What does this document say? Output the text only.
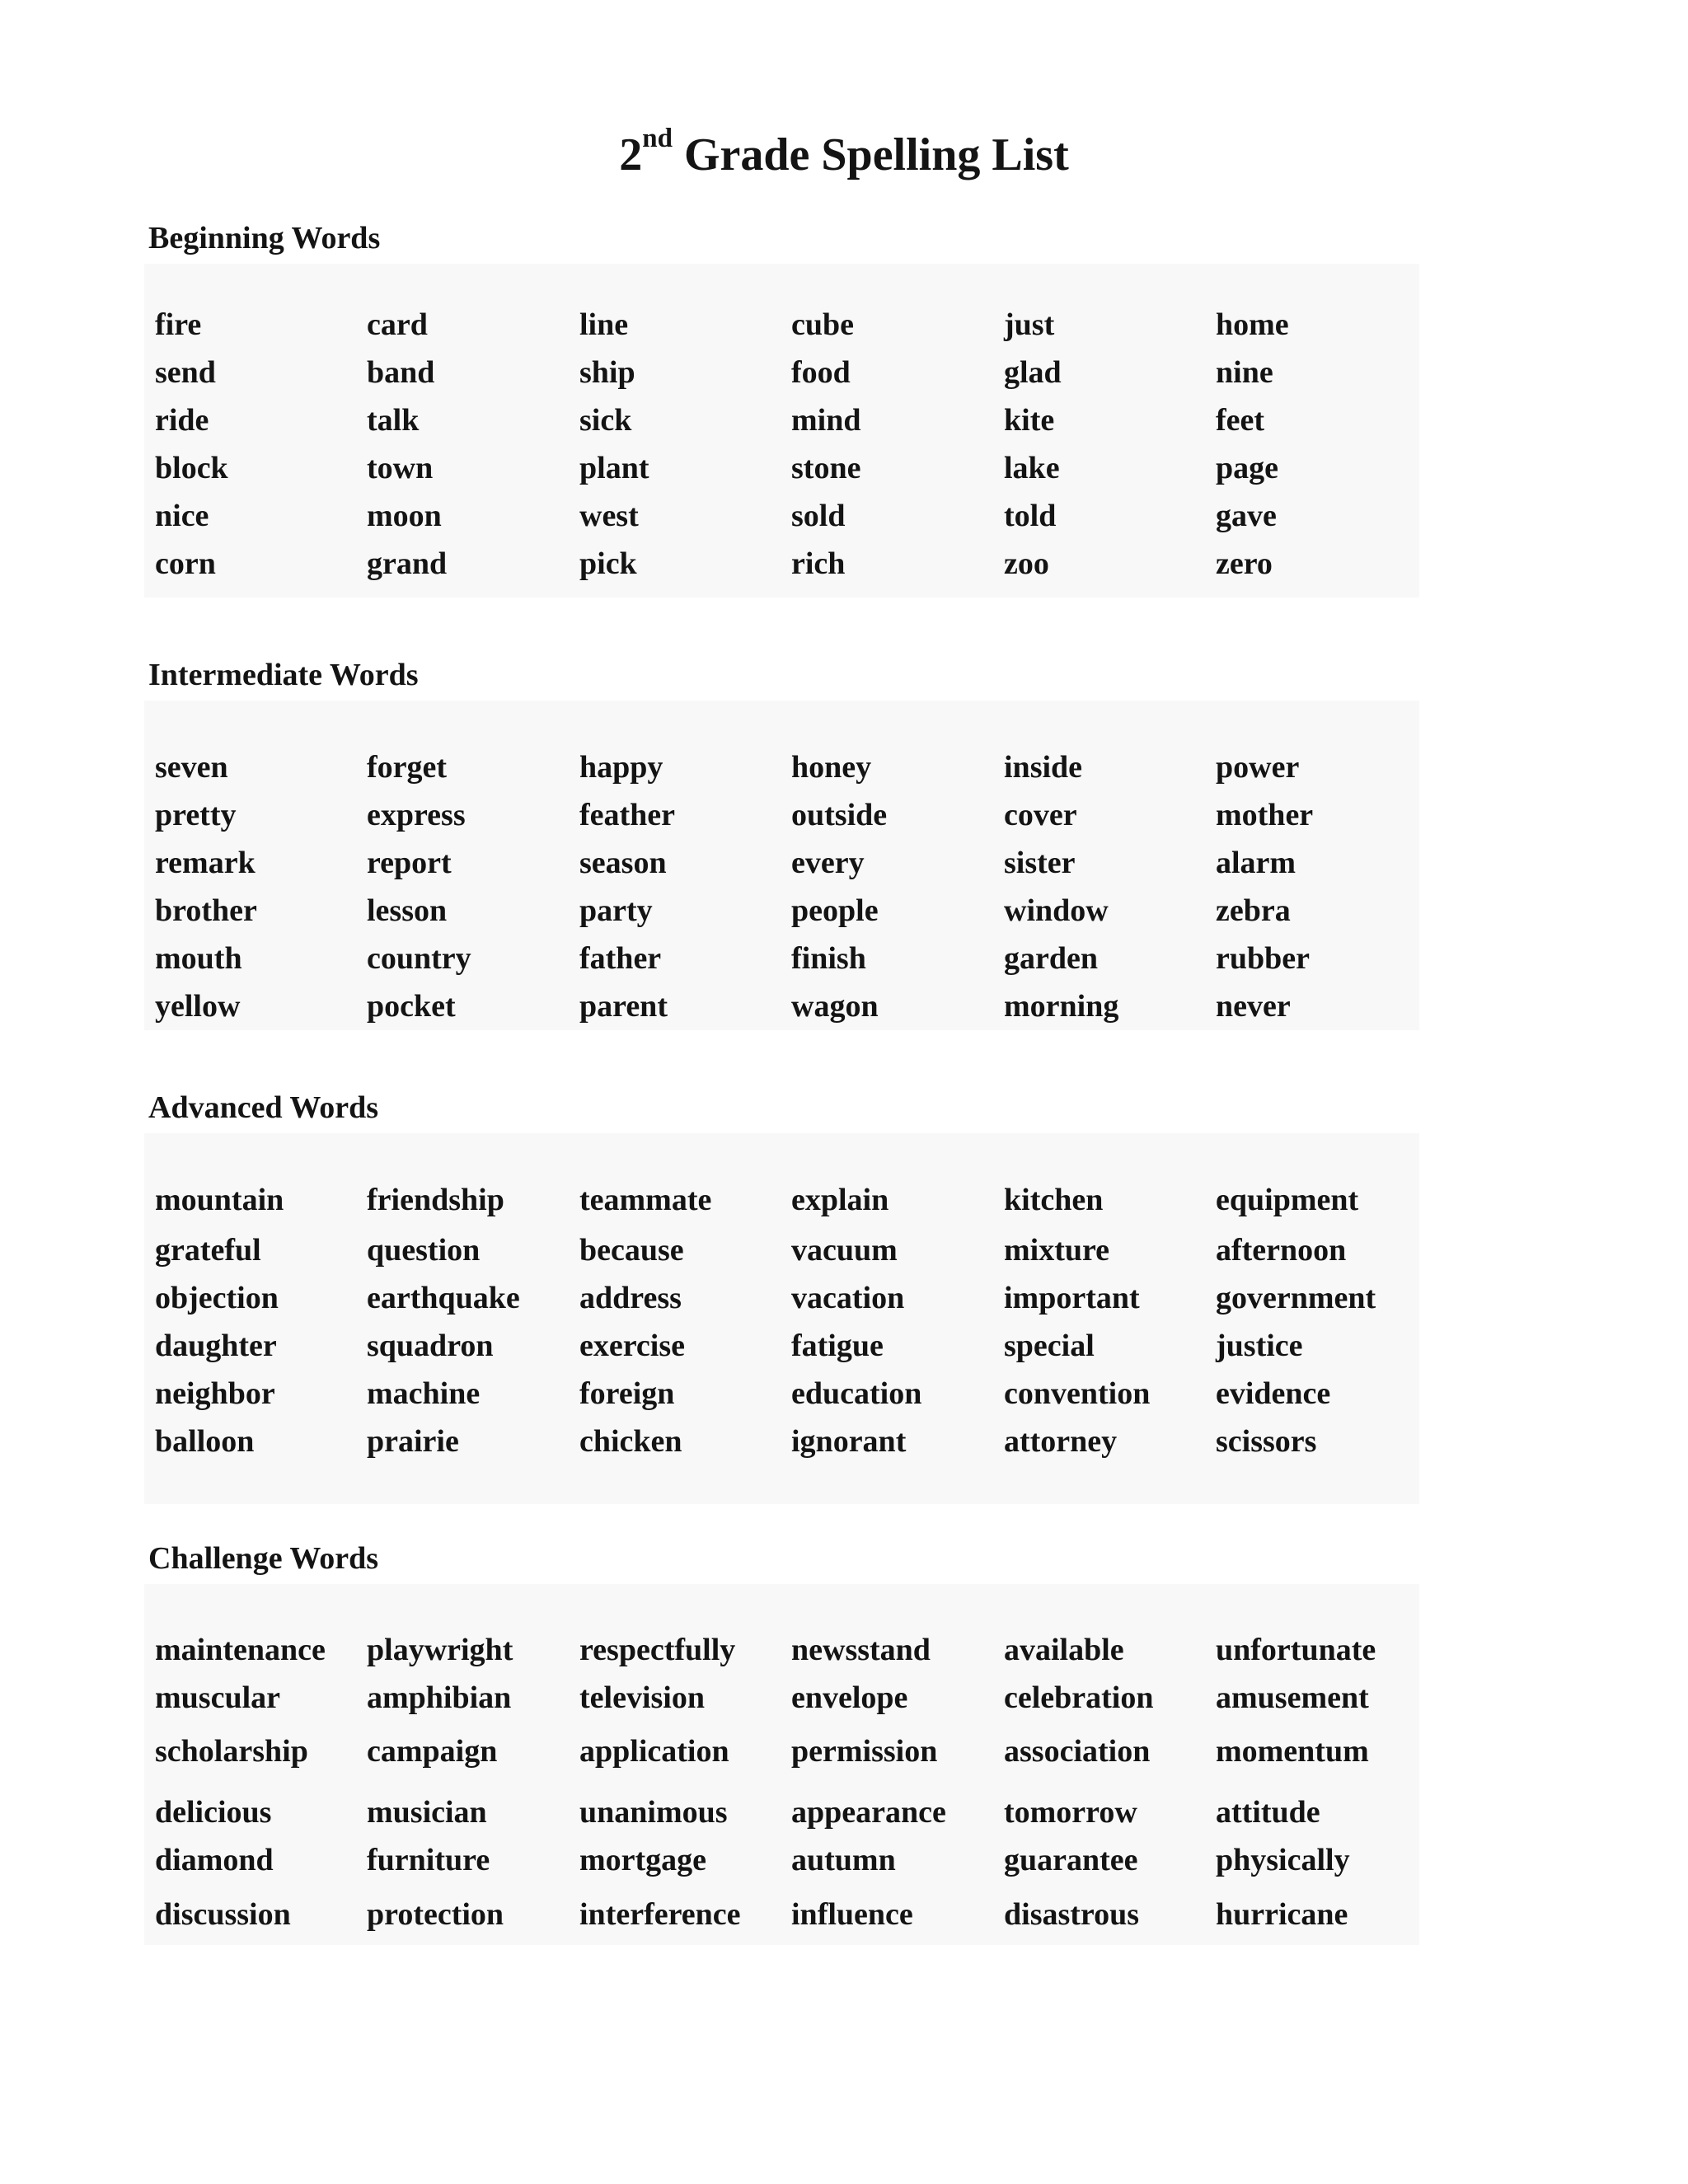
2nd Grade Spelling List
Beginning Words
fire	card	line	cube	just	home
send	band	ship	food	glad	nine
ride	talk	sick	mind	kite	feet
block	town	plant	stone	lake	page
nice	moon	west	sold	told	gave
corn	grand	pick	rich	zoo	zero
Intermediate Words
seven	forget	happy	honey	inside	power
pretty	express	feather	outside	cover	mother
remark	report	season	every	sister	alarm
brother	lesson	party	people	window	zebra
mouth	country	father	finish	garden	rubber
yellow	pocket	parent	wagon	morning	never
Advanced Words
mountain	friendship teammate	explain	kitchen	equipment
grateful	question	because	vacuum	mixture	afternoon
objection	earthquake address	vacation	important government
daughter	squadron	exercise	fatigue	special	justice
neighbor	machine	foreign	education	convention evidence
balloon	prairie	chicken	ignorant	attorney	scissors
Challenge Words
maintenance playwright respectfully newsstand available	unfortunate
muscular	amphibian television	envelope	celebration amusement
scholarship campaign	application permission association momentum
delicious	musician	unanimous appearance tomorrow	attitude
diamond	furniture	mortgage	autumn	guarantee physically
discussion protection interference influence	disastrous hurricane
